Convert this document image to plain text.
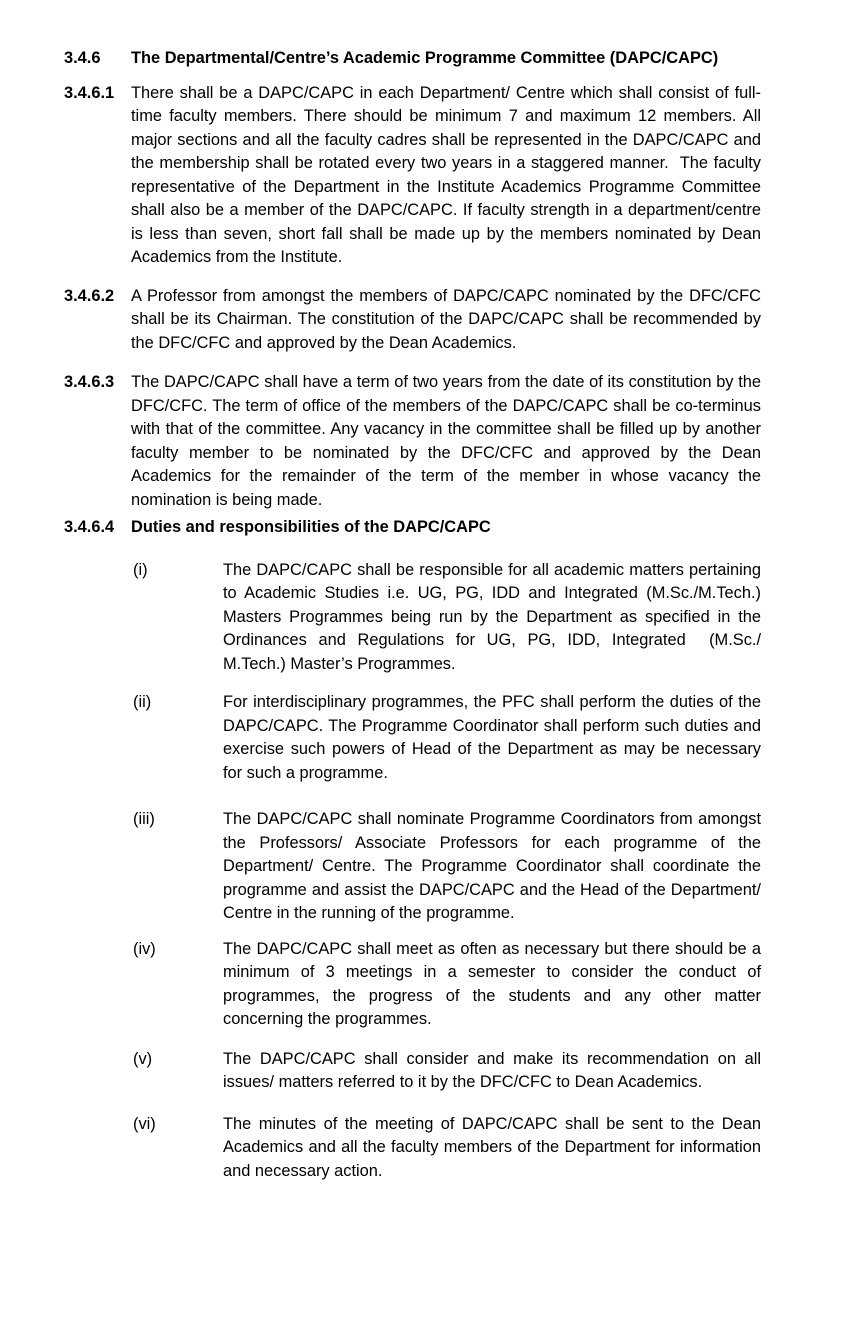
3.4.6	The Departmental/Centre’s Academic Programme Committee (DAPC/CAPC)
3.4.6.1	There shall be a DAPC/CAPC in each Department/ Centre which shall consist of full-time faculty members. There should be minimum 7 and maximum 12 members. All major sections and all the faculty cadres shall be represented in the DAPC/CAPC and the membership shall be rotated every two years in a staggered manner.  The faculty representative of the Department in the Institute Academics Programme Committee shall also be a member of the DAPC/CAPC. If faculty strength in a department/centre is less than seven, short fall shall be made up by the members nominated by Dean Academics from the Institute.
3.4.6.2	A Professor from amongst the members of DAPC/CAPC nominated by the DFC/CFC shall be its Chairman. The constitution of the DAPC/CAPC shall be recommended by the DFC/CFC and approved by the Dean Academics.
3.4.6.3	The DAPC/CAPC shall have a term of two years from the date of its constitution by the DFC/CFC. The term of office of the members of the DAPC/CAPC shall be co-terminus with that of the committee. Any vacancy in the committee shall be filled up by another faculty member to be nominated by the DFC/CFC and approved by the Dean Academics for the remainder of the term of the member in whose vacancy the nomination is being made.
3.4.6.4	Duties and responsibilities of the DAPC/CAPC
(i)	The DAPC/CAPC shall be responsible for all academic matters pertaining to Academic Studies i.e. UG, PG, IDD and Integrated (M.Sc./M.Tech.) Masters Programmes being run by the Department as specified in the Ordinances and Regulations for UG, PG, IDD, Integrated  (M.Sc./ M.Tech.) Master’s Programmes.
(ii)	For interdisciplinary programmes, the PFC shall perform the duties of the DAPC/CAPC. The Programme Coordinator shall perform such duties and exercise such powers of Head of the Department as may be necessary for such a programme.
(iii)	The DAPC/CAPC shall nominate Programme Coordinators from amongst the Professors/ Associate Professors for each programme of the Department/ Centre. The Programme Coordinator shall coordinate the programme and assist the DAPC/CAPC and the Head of the Department/ Centre in the running of the programme.
(iv)	The DAPC/CAPC shall meet as often as necessary but there should be a minimum of 3 meetings in a semester to consider the conduct of programmes, the progress of the students and any other matter concerning the programmes.
(v)	The DAPC/CAPC shall consider and make its recommendation on all issues/ matters referred to it by the DFC/CFC to Dean Academics.
(vi)	The minutes of the meeting of DAPC/CAPC shall be sent to the Dean Academics and all the faculty members of the Department for information and necessary action.
